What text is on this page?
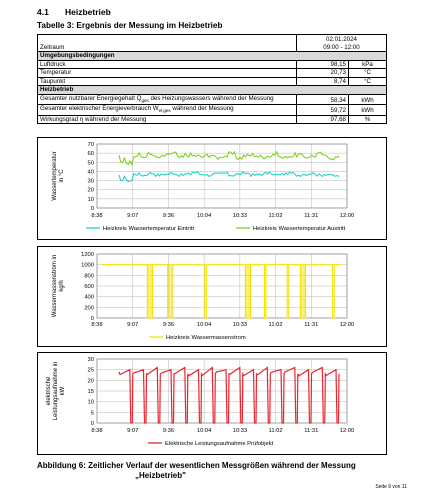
4.1 Heizbetrieb
Tabelle 3: Ergebnis der Messung im Heizbetrieb
Zeitraum	02.01.2024
09:00 - 12:00	

Umgebungsbedingungen		
Luftdruck	98,15	kPa
Temperatur	20,73	°C
Taupunkt	8,74	°C
Heizbetrieb		
Gesamter nutzbarer Energiegehalt $Q_{ges}$ des Heizungswassers während der Messung	58,34	kWh
Gesamter elektrischer Energieverbrauch $W_{el,ges}$ während der Messung	59,72	kWh
Wirkungsgrad η während der Messung	97,68	%
0
10
20
30
40
50
60
70
8:38	9:07	9:36	10:04	10:33	11:02	11:31	12:00
Wassertemperatur in °C
Heizkreis Wassertemperatur Eintritt	Heizkreis Wassertemperatur Austritt
0
200
400
600
800
1000
1200
8:38	9:07	9:36	10:04	10:33	11:02	11:31	12:00
Wassermassenstrom in kg/h
Heizkreis Wassermassenstrom
0
5
10
15
20
25
30
8:38	9:07	9:36	10:04	10:33	11:02	11:31	12:00
elektrische Leistungsaufnahme in kW
Elektrische Leistungsaufnahme Prüfobjekt
Abbildung 6: Zeitlicher Verlauf der wesentlichen Messgrößen während der Messung
„Heizbetrieb"
Seite 9 von 11
